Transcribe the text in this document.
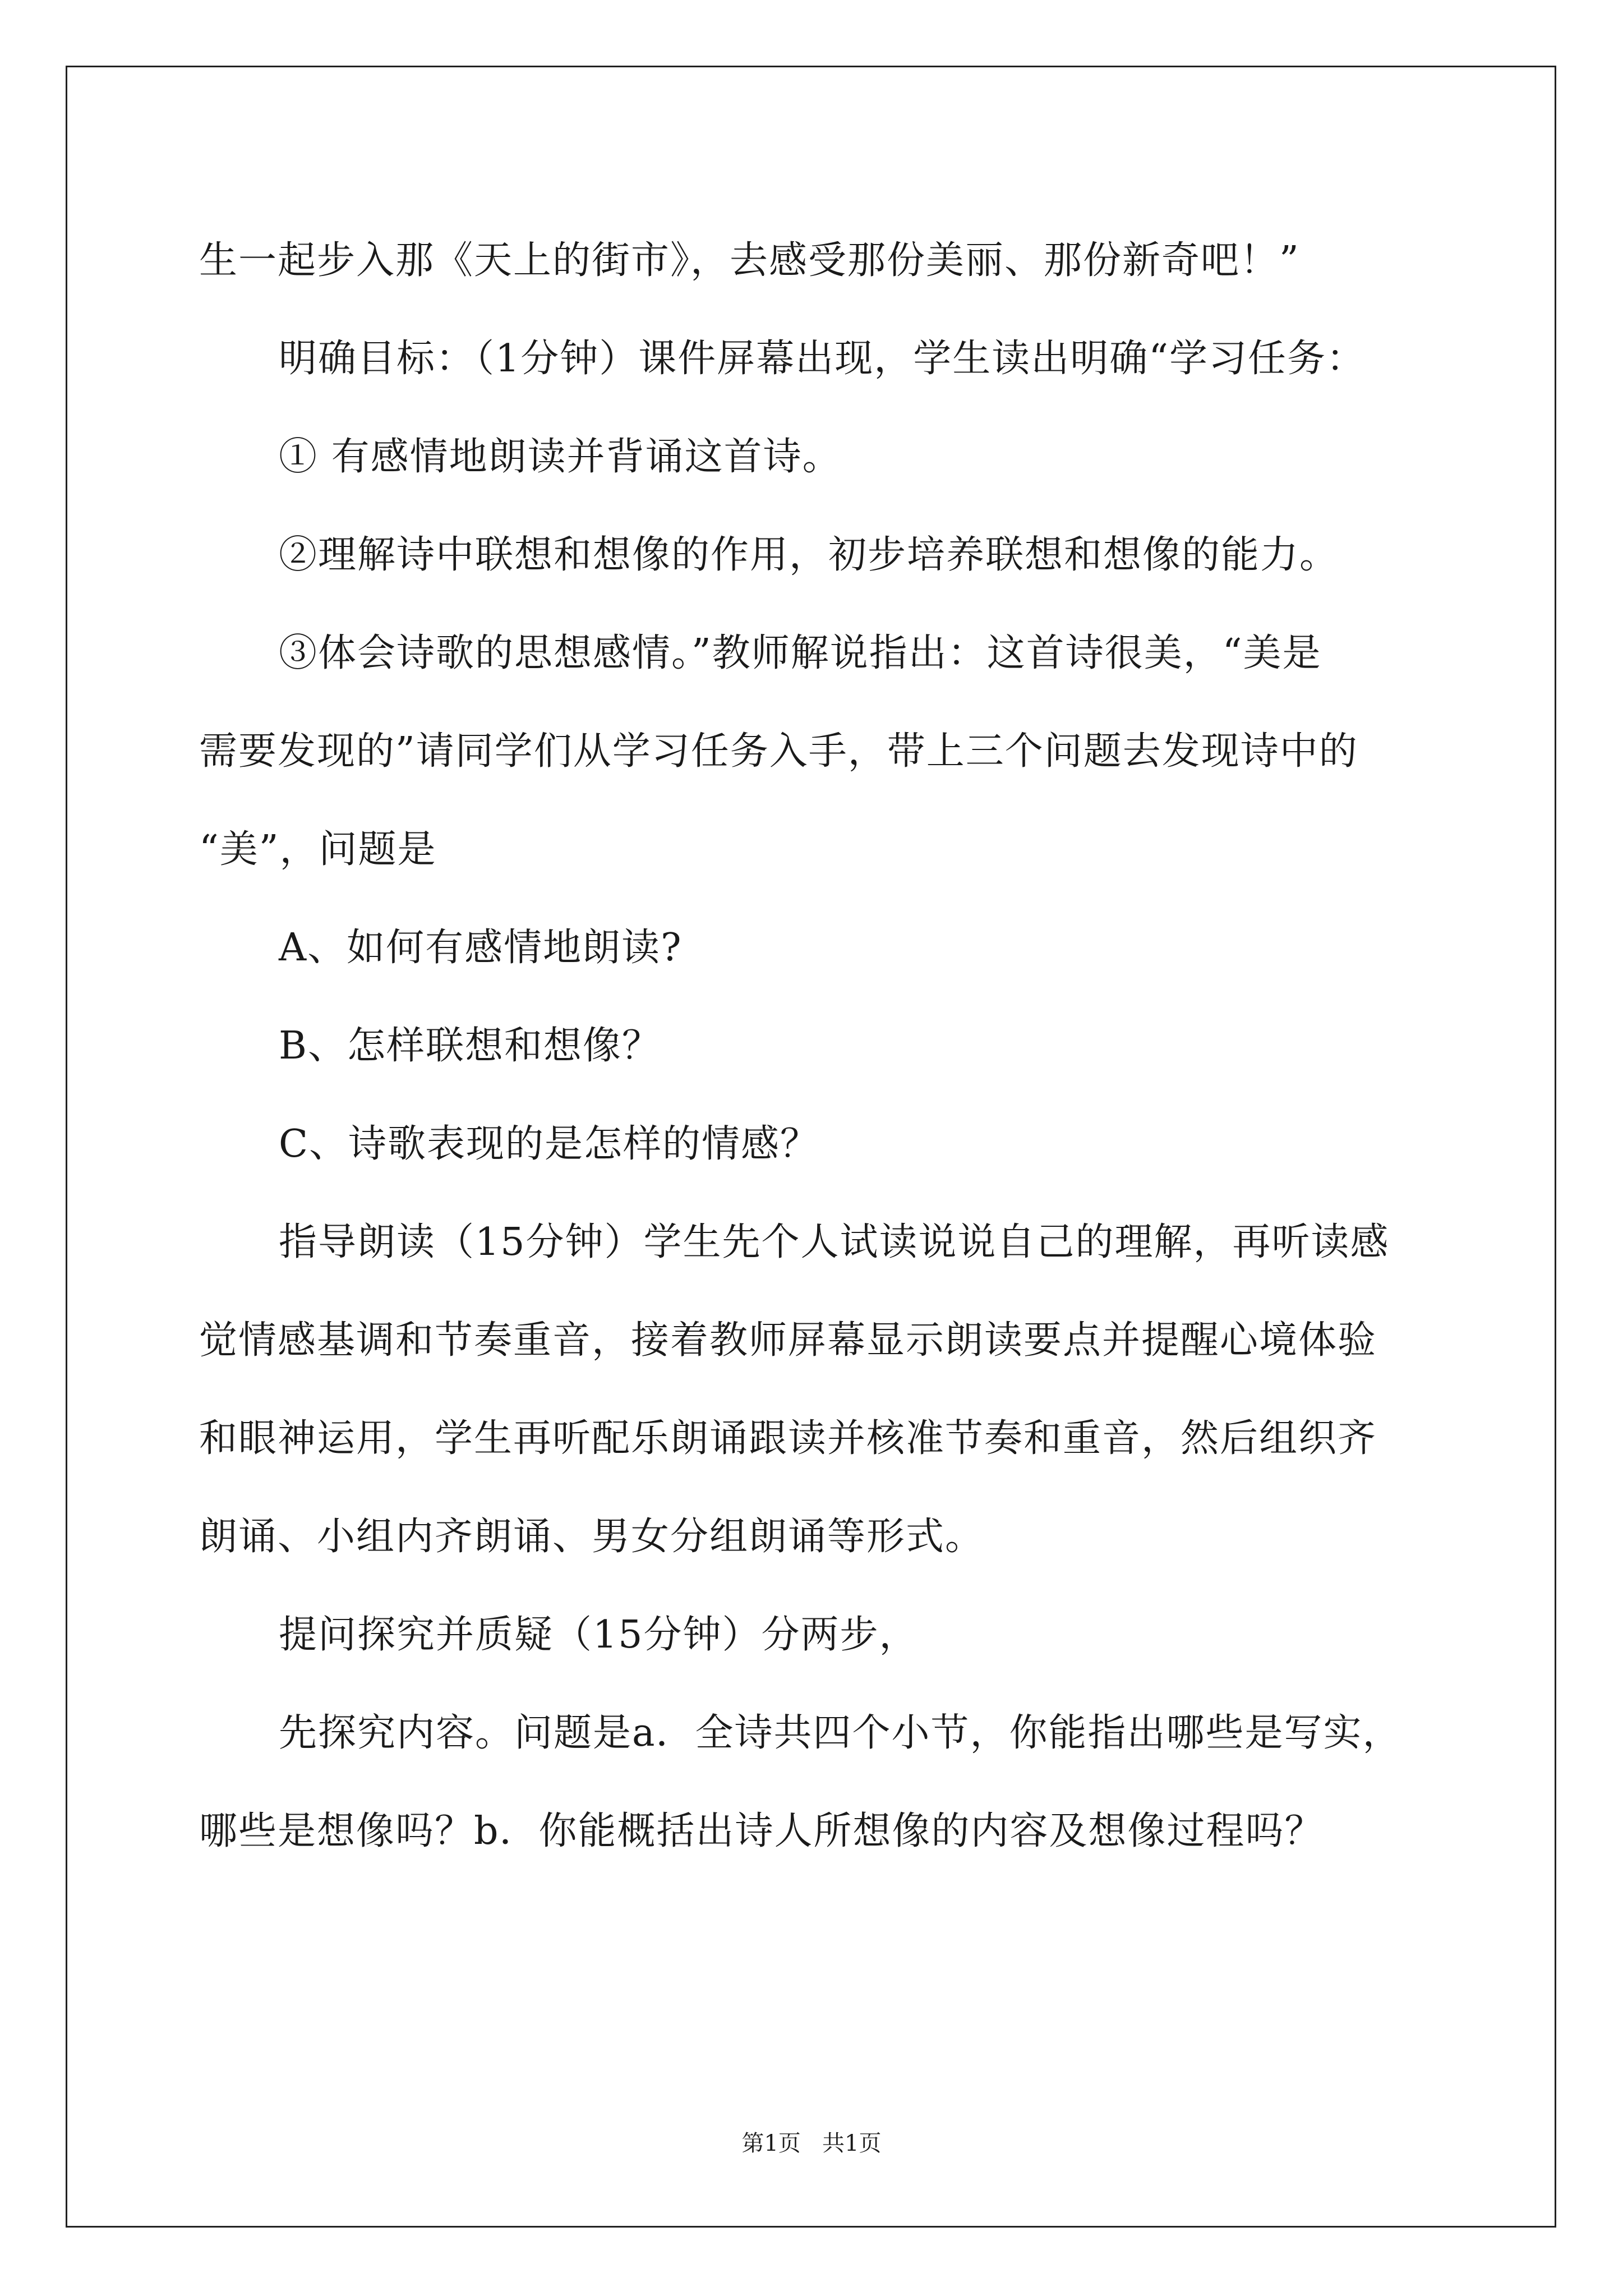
生一起步入那《天上的街市》，去感受那份美丽、那份新奇吧！”
明确目标：（1分钟）课件屏幕出现，学生读出明确“学习任务：
① 有感情地朗读并背诵这首诗。
②理解诗中联想和想像的作用，初步培养联想和想像的能力。
③体会诗歌的思想感情。”教师解说指出：这首诗很美，“美是
需要发现的”请同学们从学习任务入手，带上三个问题去发现诗中的
“美”，问题是
A、如何有感情地朗读?
B、怎样联想和想像？
C、诗歌表现的是怎样的情感？
指导朗读（15分钟）学生先个人试读说说自己的理解，再听读感
觉情感基调和节奏重音，接着教师屏幕显示朗读要点并提醒心境体验
和眼神运用，学生再听配乐朗诵跟读并核准节奏和重音，然后组织齐
朗诵、小组内齐朗诵、男女分组朗诵等形式。
提问探究并质疑（15分钟）分两步，
先探究内容。问题是a．全诗共四个小节，你能指出哪些是写实，
哪些是想像吗？b．你能概括出诗人所想像的内容及想像过程吗？
第1页   共1页
